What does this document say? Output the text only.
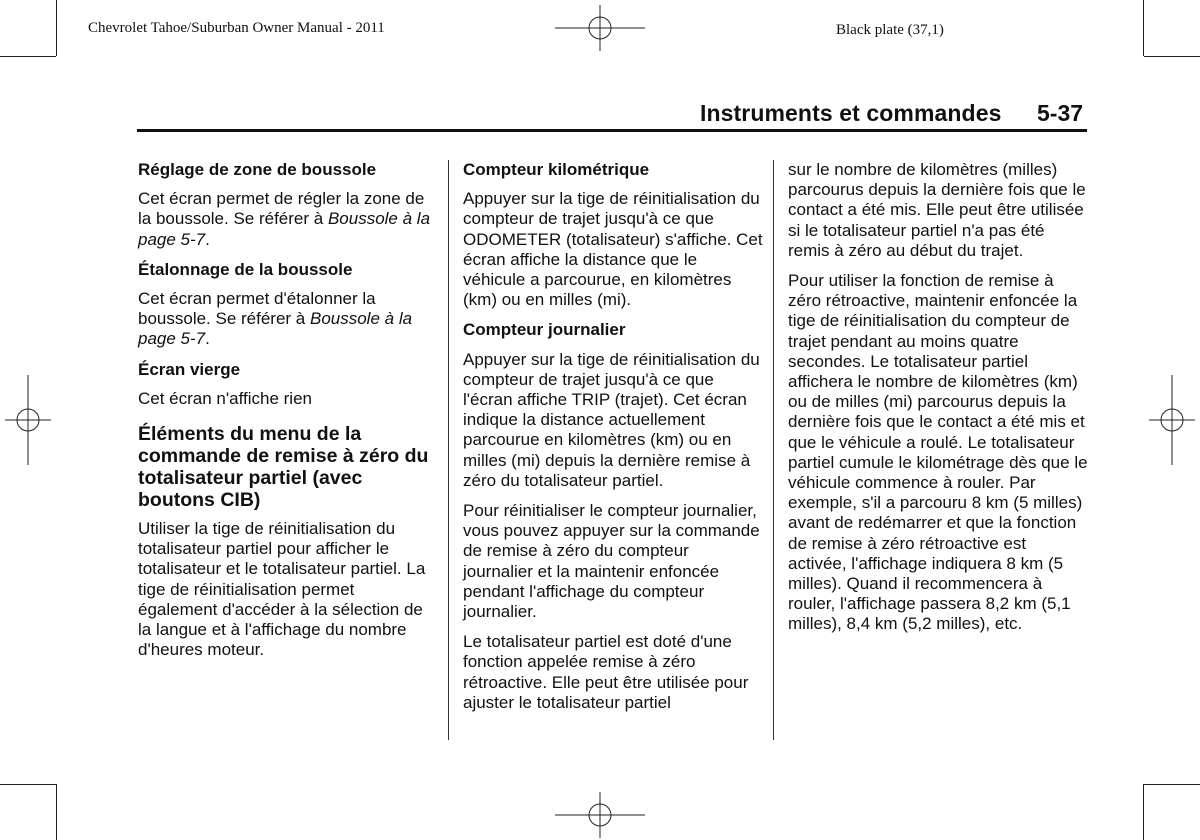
Chevrolet Tahoe/Suburban Owner Manual - 2011	Black plate (37,1)
Instruments et commandes 5-37
Réglage de zone de boussole

Cet écran permet de régler la zone de la boussole. Se référer à Boussole à la page 5-7.

Étalonnage de la boussole

Cet écran permet d'étalonner la boussole. Se référer à Boussole à la page 5-7.

Écran vierge

Cet écran n'affiche rien

Éléments du menu de la commande de remise à zéro du totalisateur partiel (avec boutons CIB)

Utiliser la tige de réinitialisation du totalisateur partiel pour afficher le totalisateur et le totalisateur partiel. La tige de réinitialisation permet également d'accéder à la sélection de la langue et à l'affichage du nombre d'heures moteur.

Compteur kilométrique

Appuyer sur la tige de réinitialisation du compteur de trajet jusqu'à ce que ODOMETER (totalisateur) s'affiche. Cet écran affiche la distance que le véhicule a parcourue, en kilomètres (km) ou en milles (mi).

Compteur journalier

Appuyer sur la tige de réinitialisation du compteur de trajet jusqu'à ce que l'écran affiche TRIP (trajet). Cet écran indique la distance actuellement parcourue en kilomètres (km) ou en milles (mi) depuis la dernière remise à zéro du totalisateur partiel.

Pour réinitialiser le compteur journalier, vous pouvez appuyer sur la commande de remise à zéro du compteur journalier et la maintenir enfoncée pendant l'affichage du compteur journalier.

Le totalisateur partiel est doté d'une fonction appelée remise à zéro rétroactive. Elle peut être utilisée pour ajuster le totalisateur partiel

sur le nombre de kilomètres (milles) parcourus depuis la dernière fois que le contact a été mis. Elle peut être utilisée si le totalisateur partiel n'a pas été remis à zéro au début du trajet.

Pour utiliser la fonction de remise à zéro rétroactive, maintenir enfoncée la tige de réinitialisation du compteur de trajet pendant au moins quatre secondes. Le totalisateur partiel affichera le nombre de kilomètres (km) ou de milles (mi) parcourus depuis la dernière fois que le contact a été mis et que le véhicule a roulé. Le totalisateur partiel cumule le kilométrage dès que le véhicule commence à rouler. Par exemple, s'il a parcouru 8 km (5 milles) avant de redémarrer et que la fonction de remise à zéro rétroactive est activée, l'affichage indiquera 8 km (5 milles). Quand il recommencera à rouler, l'affichage passera 8,2 km (5,1 milles), 8,4 km (5,2 milles), etc.
